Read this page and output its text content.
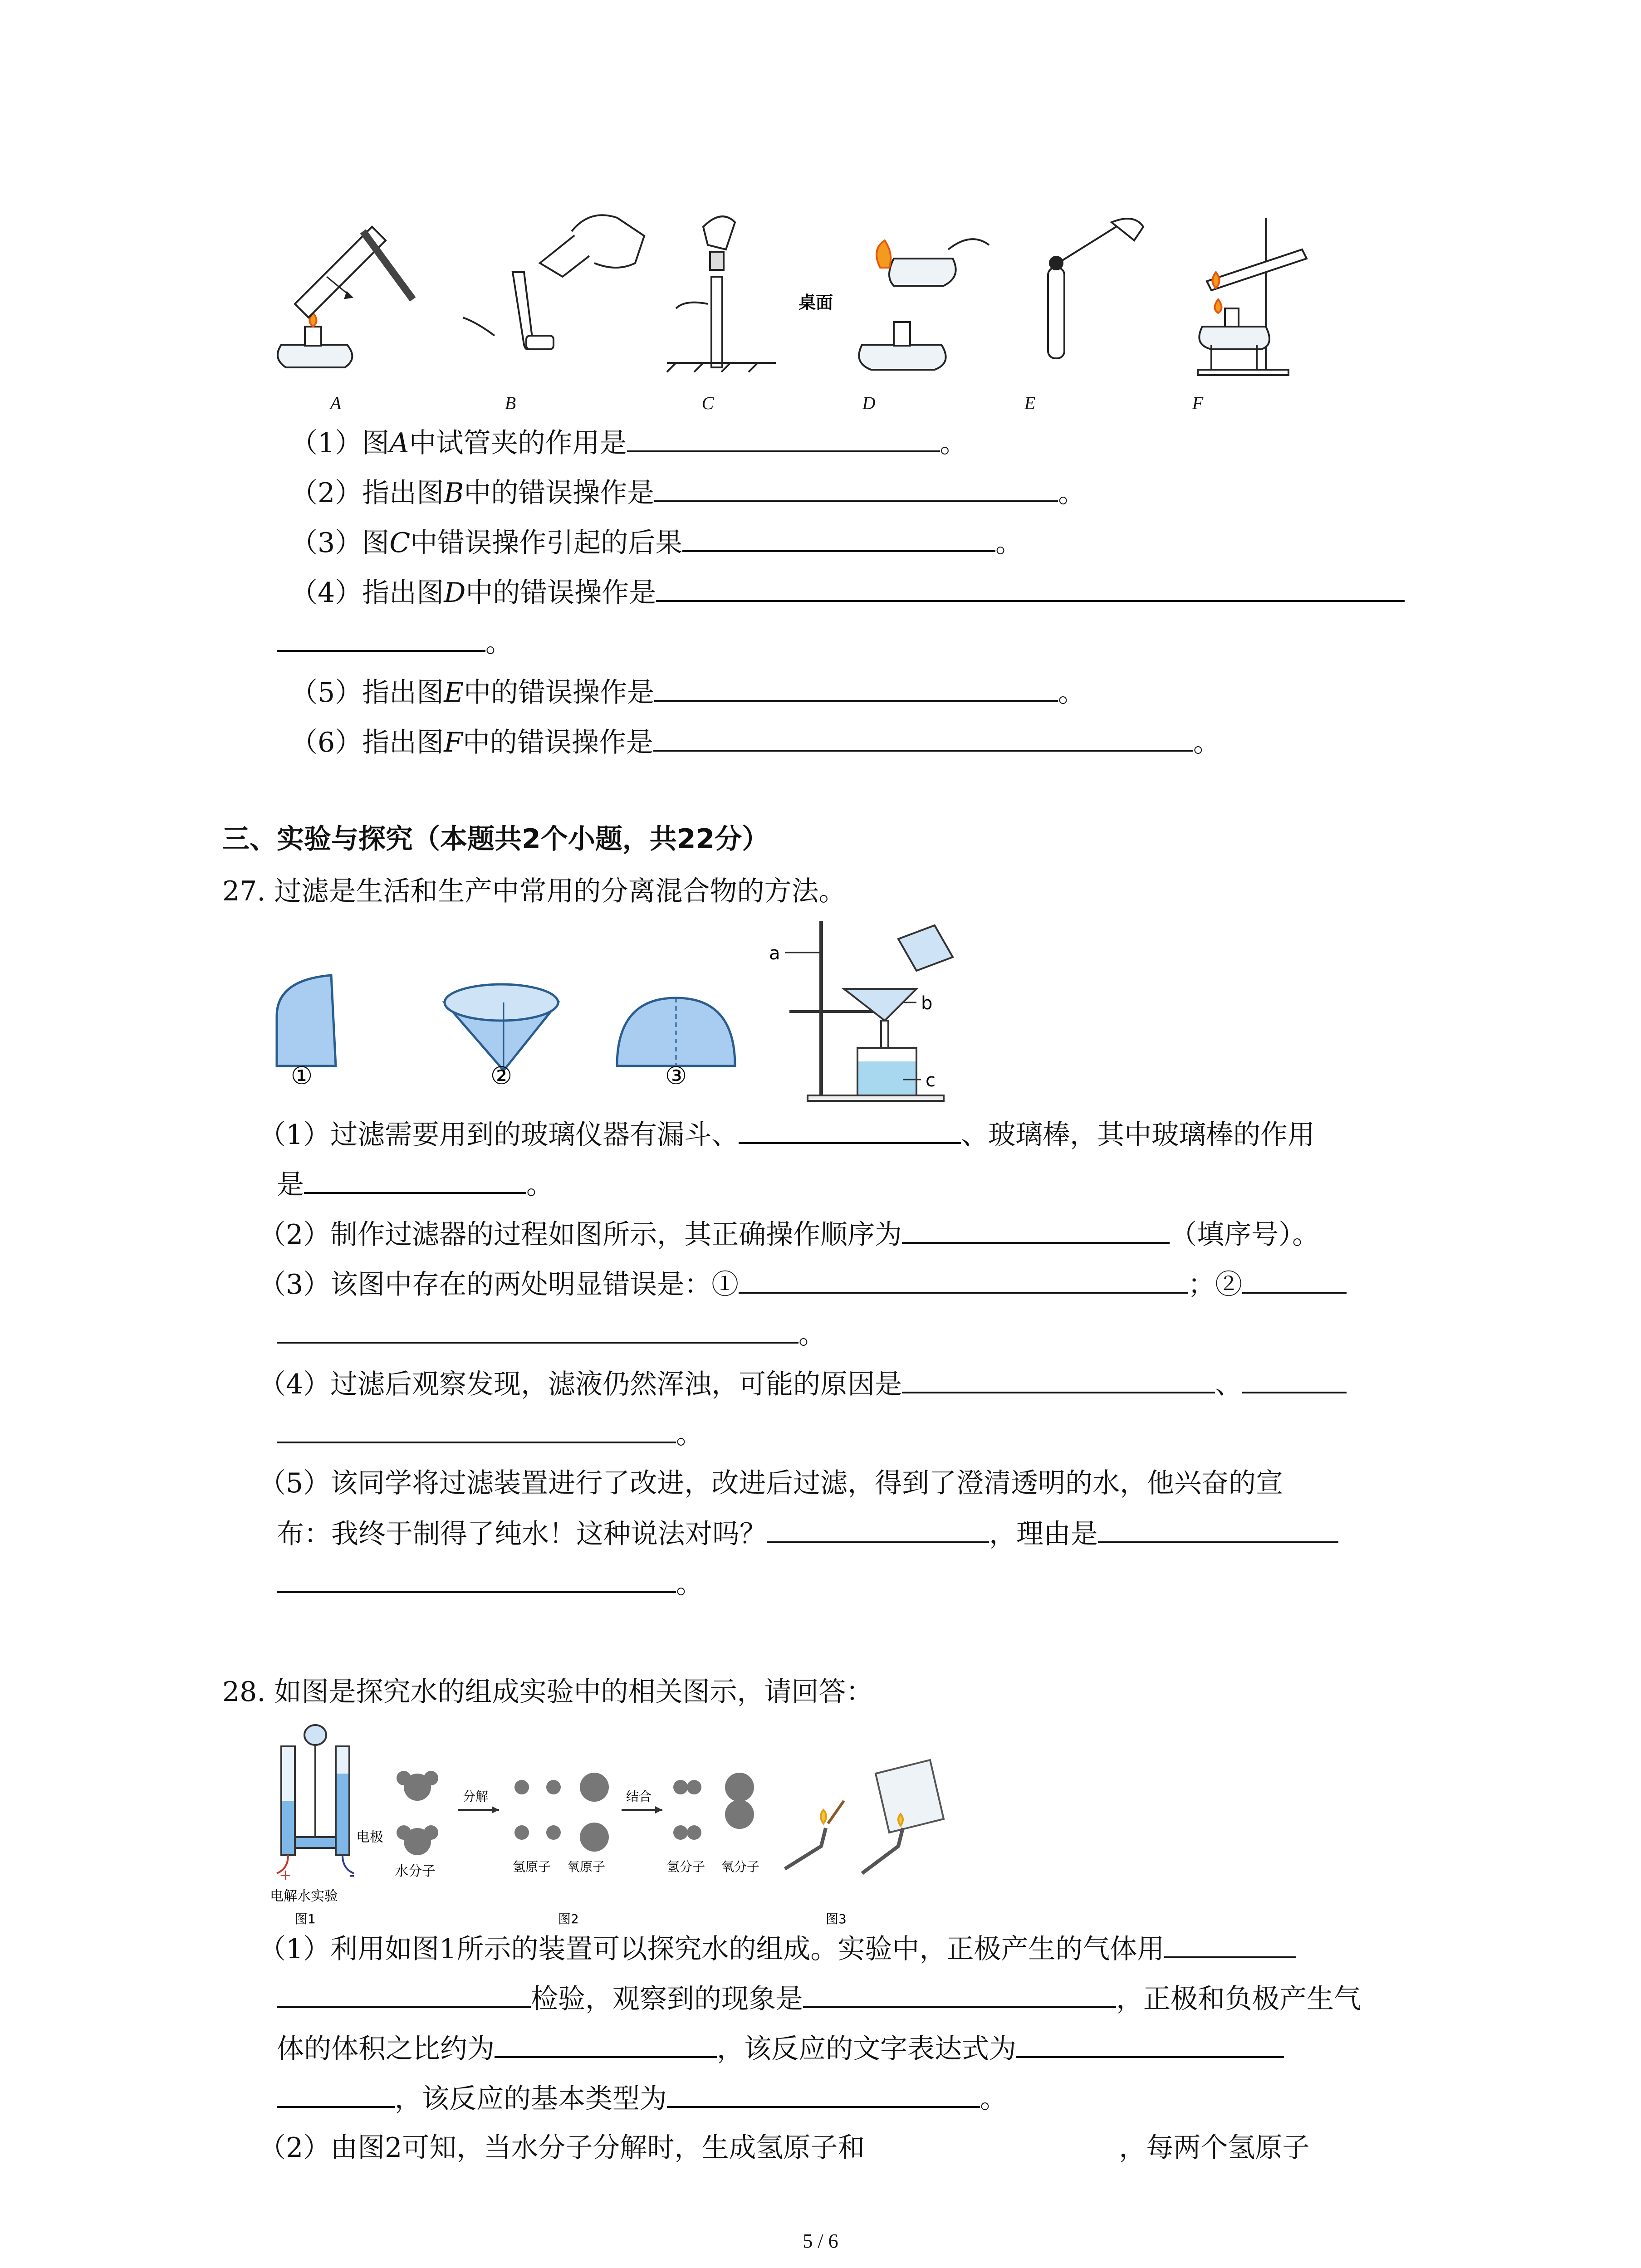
桌面
A	B	C	D	E	F
（1）图A中试管夹的作用是	。
（2）指出图B中的错误操作是	。
（3）图C中错误操作引起的后果	。
（4）指出图D中的错误操作是
。
（5）指出图E中的错误操作是	。
（6）指出图F中的错误操作是	。
三、实验与探究（本题共2个小题，共22分）
27. 过滤是生活和生产中常用的分离混合物的方法。
①	②	③
a
b
c
（1）过滤需要用到的玻璃仪器有漏斗、	、玻璃棒，其中玻璃棒的作用
是	。
（2）制作过滤器的过程如图所示，其正确操作顺序为	（填序号）。
（3）该图中存在的两处明显错误是：①	；②
。
（4）过滤后观察发现，滤液仍然浑浊，可能的原因是	、
。
（5）该同学将过滤装置进行了改进，改进后过滤，得到了澄清透明的水，他兴奋的宣
布：我终于制得了纯水！这种说法对吗？	，理由是
。
28. 如图是探究水的组成实验中的相关图示，请回答：
+	-
电极
电解水实验
图1
水分子
分解
氢原子 氧原子
结合
氢分子 氧分子
图2	图3
（1）利用如图1所示的装置可以探究水的组成。实验中，正极产生的气体用
检验，观察到的现象是	，正极和负极产生气
体的体积之比约为	，该反应的文字表达式为
，该反应的基本类型为	。
（2）由图2可知，当水分子分解时，生成氢原子和	，每两个氢原子
5 / 6
